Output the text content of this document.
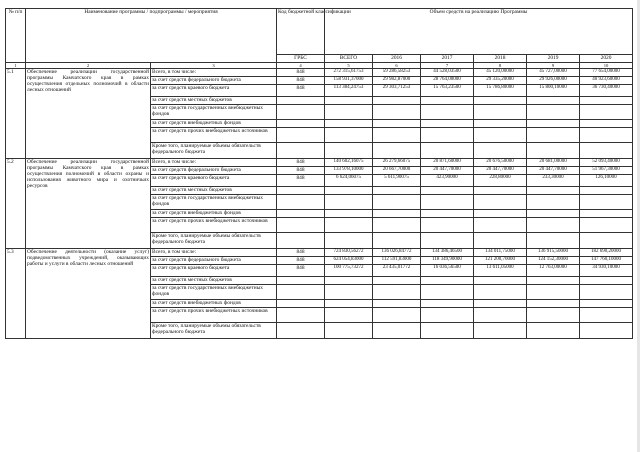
№ п/п	Наименование программы / подпрограммы / мероприятия		Код бюджетной классификации	Объем средств на реализацию Программы					
			ГРБС	ВСЕГО	2016	2017	2018	2019	2020
1	2	3	4	5	6	7	8	9	10
5.1	Обеспечение реализации государственной программы Камчатского края в рамках осуществления отдельных полномочий в области лесных отношений	Всего, в том числе:	848	272 315,61753	59 286,58253	44 528,03500	45 120,00000	45 727,00000	77 654,00000
		за счет средств федерального бюджета	848	158 931,37000	29 982,87000	28 764,00000	29 335,20000	29 926,00000	40 923,60000
		за счет средств краевого бюджета	848	113 384,24753	29 303,71253	15 763,23500	15 786,80000	15 800,10000	36 730,40000
		за счет средств местных бюджетов							
		за счет средств государственных внебюджетных фондов							
		за счет средств внебюджетных фондов							
		за счет средств прочих внебюджетных источников							
		Кроме того, планируемые объемы обязательств федерального бюджета							
5.2	Обеспечение реализации государственной программы Камчатского края в рамках осуществления полномочий в области охраны и использования животного мира и охотничьих ресурсов	Всего, в том числе:	848	140 602,16075	26 279,66075	20 871,60000	20 676,50000	20 681,00000	52 093,40000
		за счет средств федерального бюджета	848	133 978,10000	20 667,70000	20 447,70000	20 447,70000	20 447,70000	51 967,30000
		за счет средств краевого бюджета	848	6 624,06075	5 611,90075	423,90000	228,80000	233,30000	126,10000
		за счет средств местных бюджетов							
		за счет средств государственных внебюджетных фондов							
		за счет средств внебюджетных фондов							
		за счет средств прочих внебюджетных источников							
		Кроме того, планируемые объемы обязательств федерального бюджета							
5.3	Обеспечение деятельности (оказание услуг) подведомственных учреждений, оказывающих работы и услуги в области лесных отношений	Всего, в том числе:	848	724 830,56272	136 026,84772	134 386,46500	134 011,75000	136 915,50000	182 690,20000
		за счет средств федерального бюджета	848	624 054,83000	112 591,83000	118 349,90000	121 200,70000	124 152,30000	147 760,10000
		за счет средств краевого бюджета	848	100 775,73272	23 435,01772	16 036,56500	13 611,05000	12 763,00000	34 930,10000
		за счет средств местных бюджетов							
		за счет средств государственных внебюджетных фондов							
		за счет средств внебюджетных фондов							
		за счет средств прочих внебюджетных источников							
		Кроме того, планируемые объемы обязательств федерального бюджета							
